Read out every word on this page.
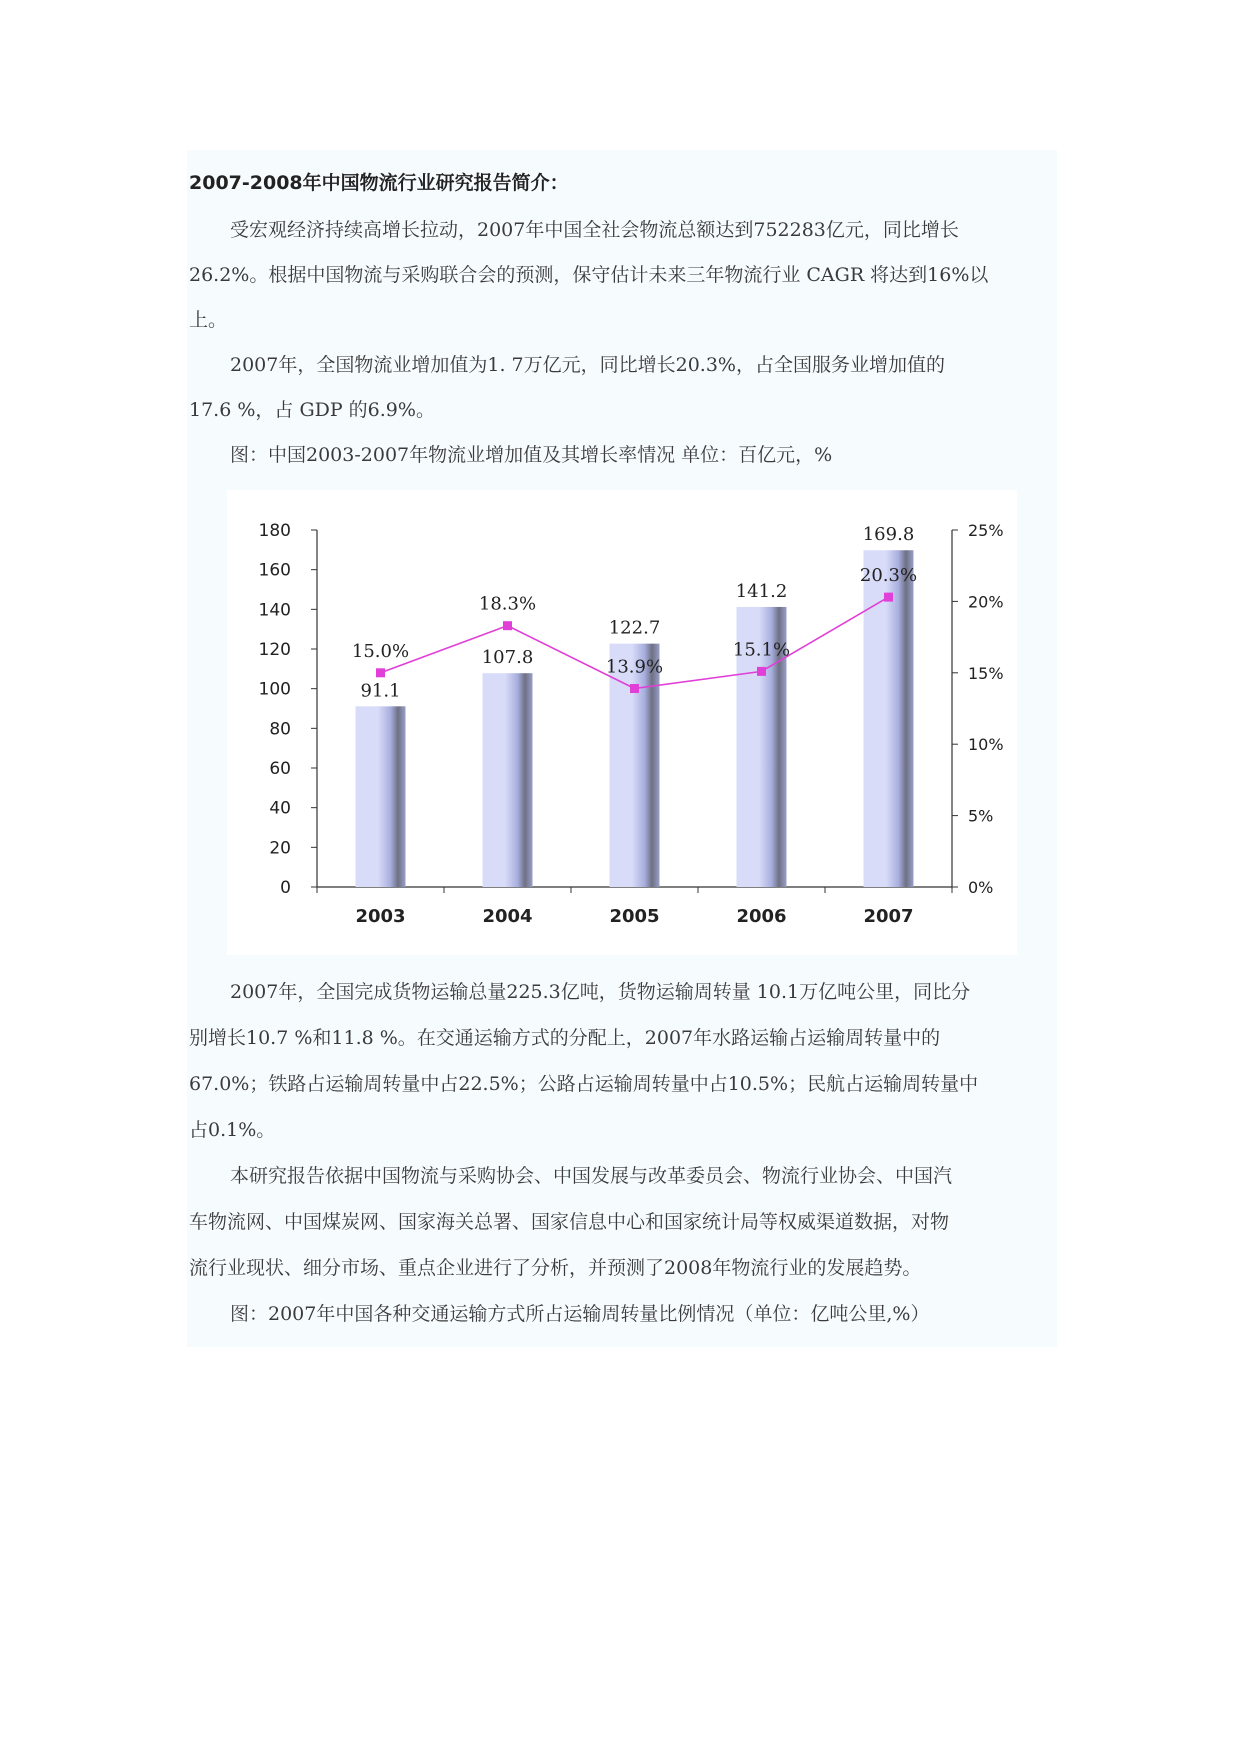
2007-2008年中国物流行业研究报告简介：
受宏观经济持续高增长拉动，2007年中国全社会物流总额达到752283亿元，同比增长
26.2%。根据中国物流与采购联合会的预测，保守估计未来三年物流行业 CAGR 将达到16%以
上。
2007年，全国物流业增加值为1. 7万亿元，同比增长20.3%，占全国服务业增加值的
17.6 %，占 GDP 的6.9%。
图：中国2003-2007年物流业增加值及其增长率情况 单位：百亿元，%
0
20
40
60
80
100
120
140
160
180
0%
5%
10%
15%
20%
25%
91.1
2003
107.8
2004
122.7
2005
141.2
2006
169.8
2007
15.0%
18.3%
13.9%
15.1%
20.3%
2007年，全国完成货物运输总量225.3亿吨，货物运输周转量 10.1万亿吨公里，同比分
别增长10.7 %和11.8 %。在交通运输方式的分配上，2007年水路运输占运输周转量中的
67.0%；铁路占运输周转量中占22.5%；公路占运输周转量中占10.5%；民航占运输周转量中
占0.1%。
本研究报告依据中国物流与采购协会、中国发展与改革委员会、物流行业协会、中国汽
车物流网、中国煤炭网、国家海关总署、国家信息中心和国家统计局等权威渠道数据，对物
流行业现状、细分市场、重点企业进行了分析，并预测了2008年物流行业的发展趋势。
图：2007年中国各种交通运输方式所占运输周转量比例情况（单位：亿吨公里,%）
